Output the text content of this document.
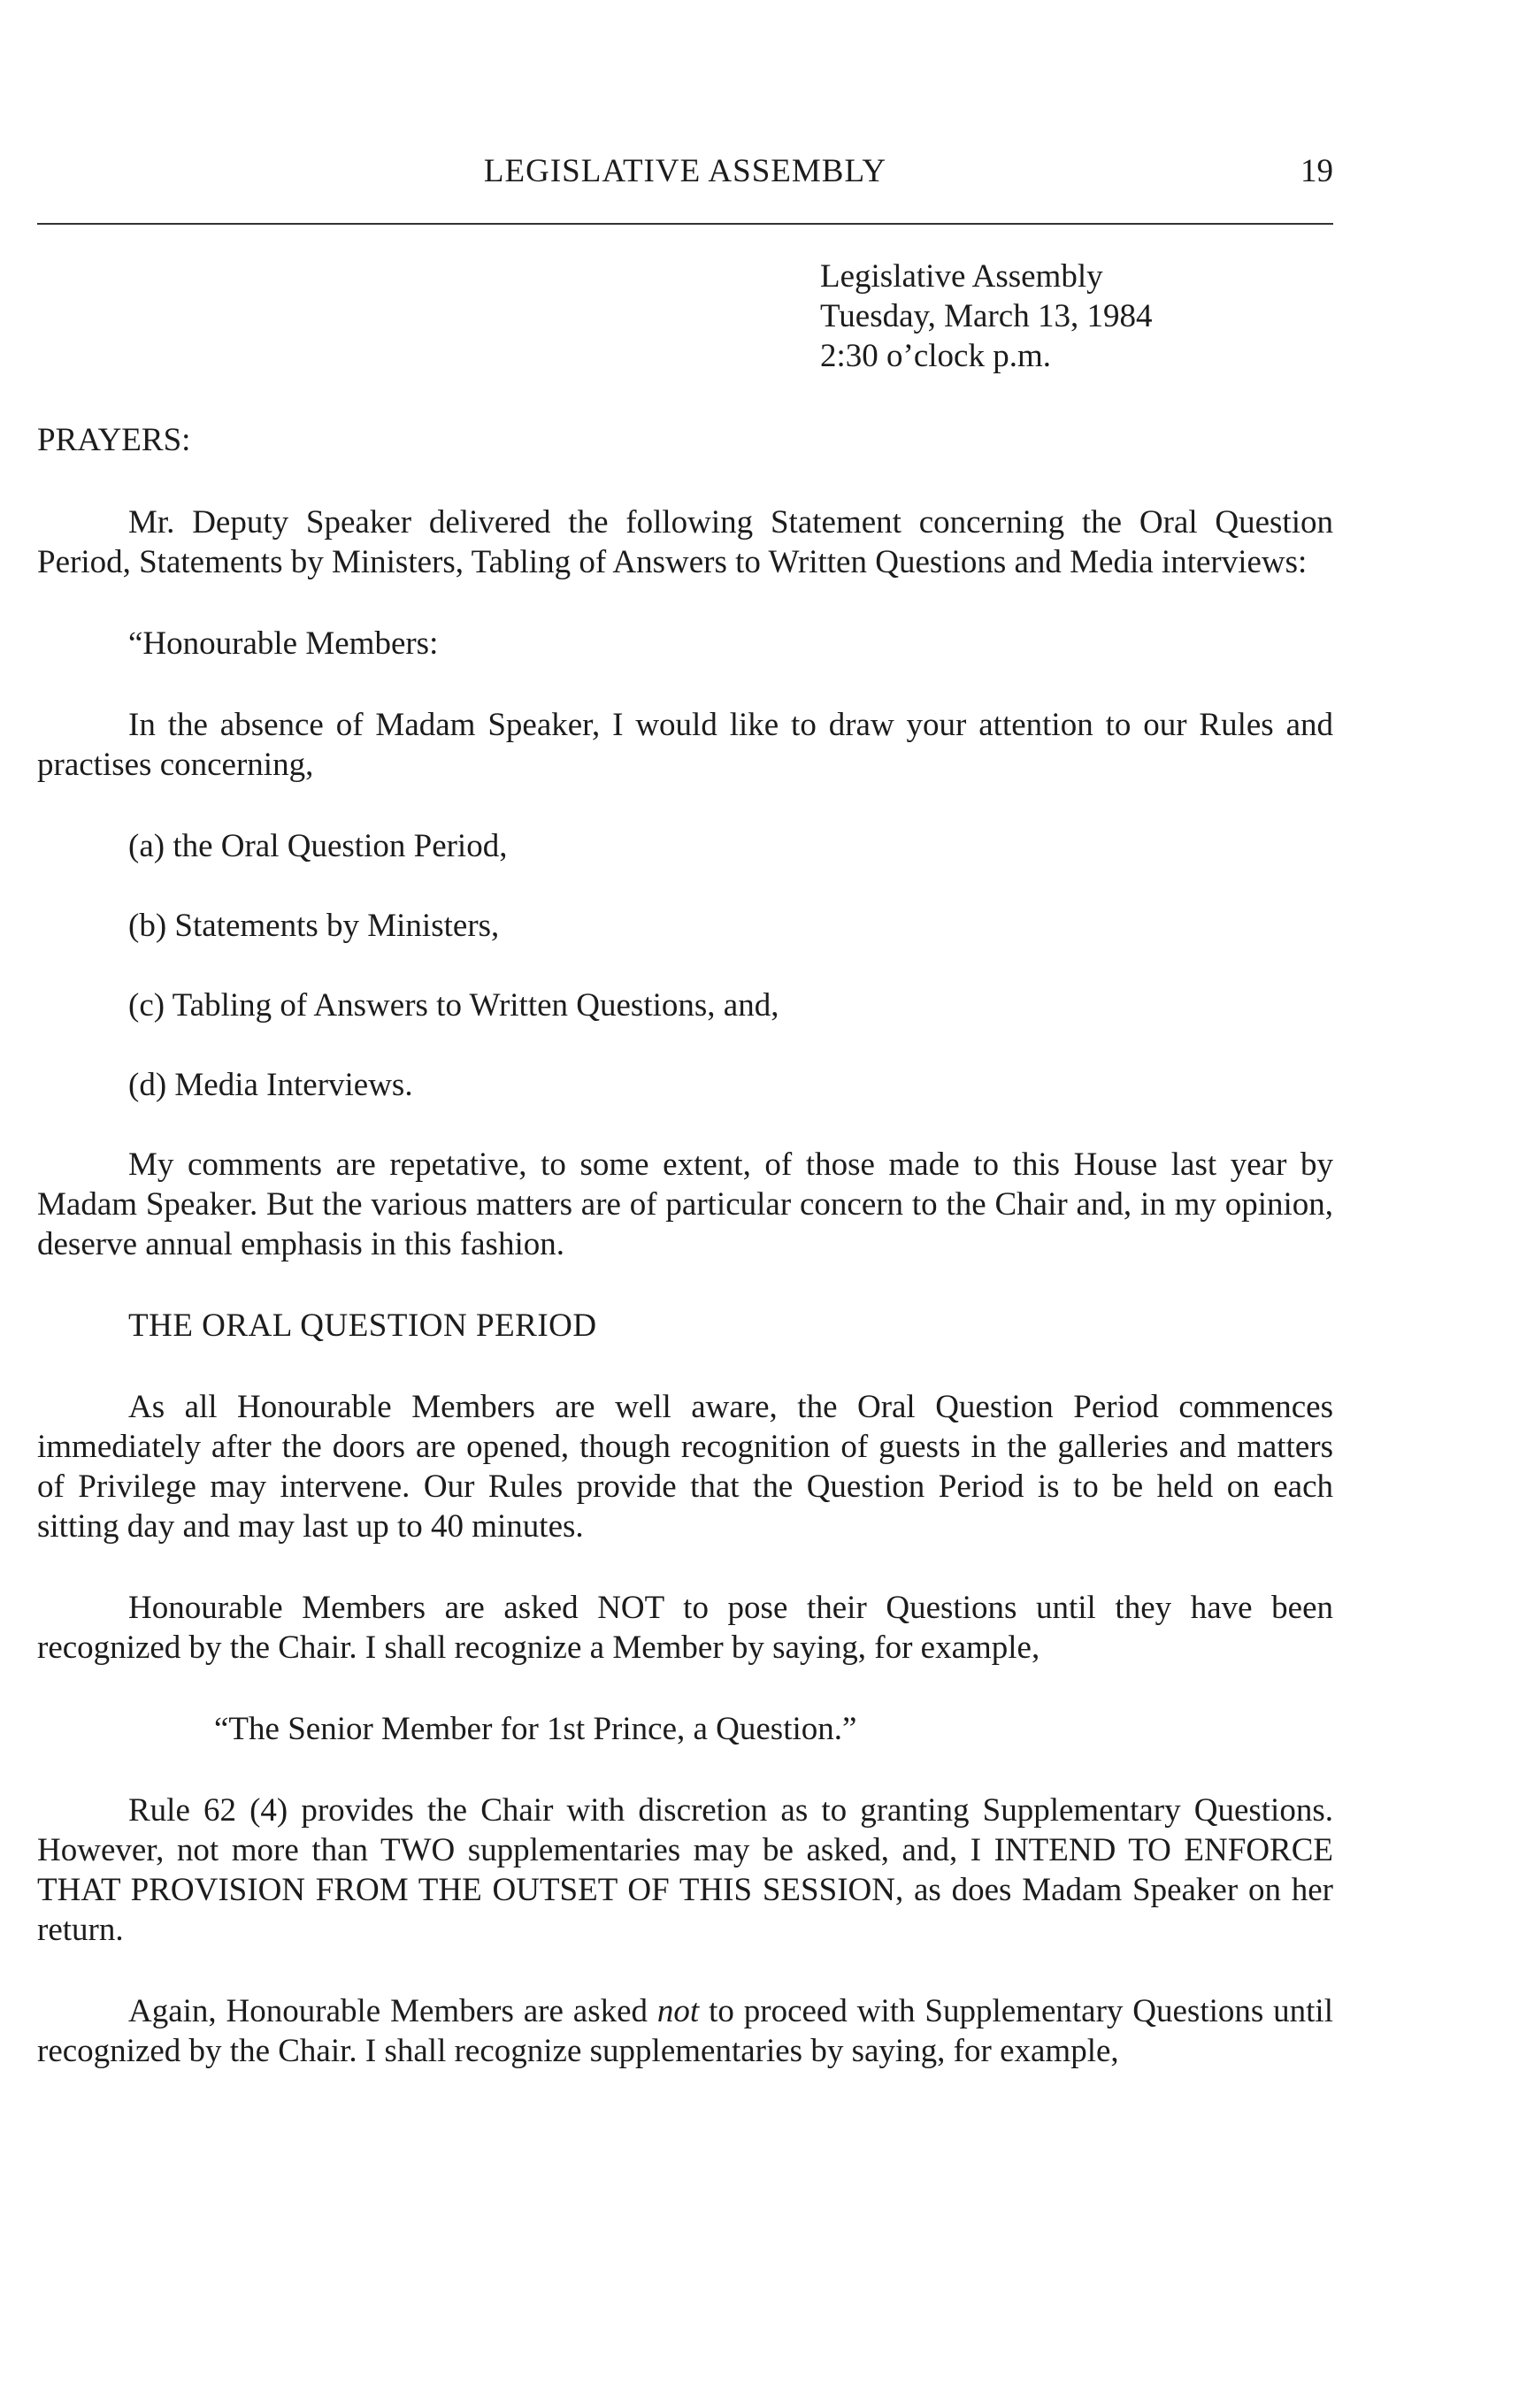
LEGISLATIVE ASSEMBLY	19
Legislative Assembly
Tuesday, March 13, 1984
2:30 o’clock p.m.

PRAYERS:

Mr. Deputy Speaker delivered the following Statement concerning the Oral Question Period, Statements by Ministers, Tabling of Answers to Written Questions and Media interviews:

“Honourable Members:

In the absence of Madam Speaker, I would like to draw your attention to our Rules and practises concerning,

(a) the Oral Question Period,

(b) Statements by Ministers,

(c) Tabling of Answers to Written Questions, and,

(d) Media Interviews.

My comments are repetative, to some extent, of those made to this House last year by Madam Speaker. But the various matters are of particular concern to the Chair and, in my opinion, deserve annual emphasis in this fashion.

THE ORAL QUESTION PERIOD

As all Honourable Members are well aware, the Oral Question Period commences immediately after the doors are opened, though recognition of guests in the galleries and matters of Privilege may intervene. Our Rules provide that the Question Period is to be held on each sitting day and may last up to 40 minutes.

Honourable Members are asked NOT to pose their Questions until they have been recognized by the Chair. I shall recognize a Member by saying, for example,

“The Senior Member for 1st Prince, a Question.”

Rule 62 (4) provides the Chair with discretion as to granting Supplementary Questions. However, not more than TWO supplementaries may be asked, and, I INTEND TO ENFORCE THAT PROVISION FROM THE OUTSET OF THIS SESSION, as does Madam Speaker on her return.

Again, Honourable Members are asked not to proceed with Supplementary Questions until recognized by the Chair. I shall recognize supplementaries by saying, for example,
